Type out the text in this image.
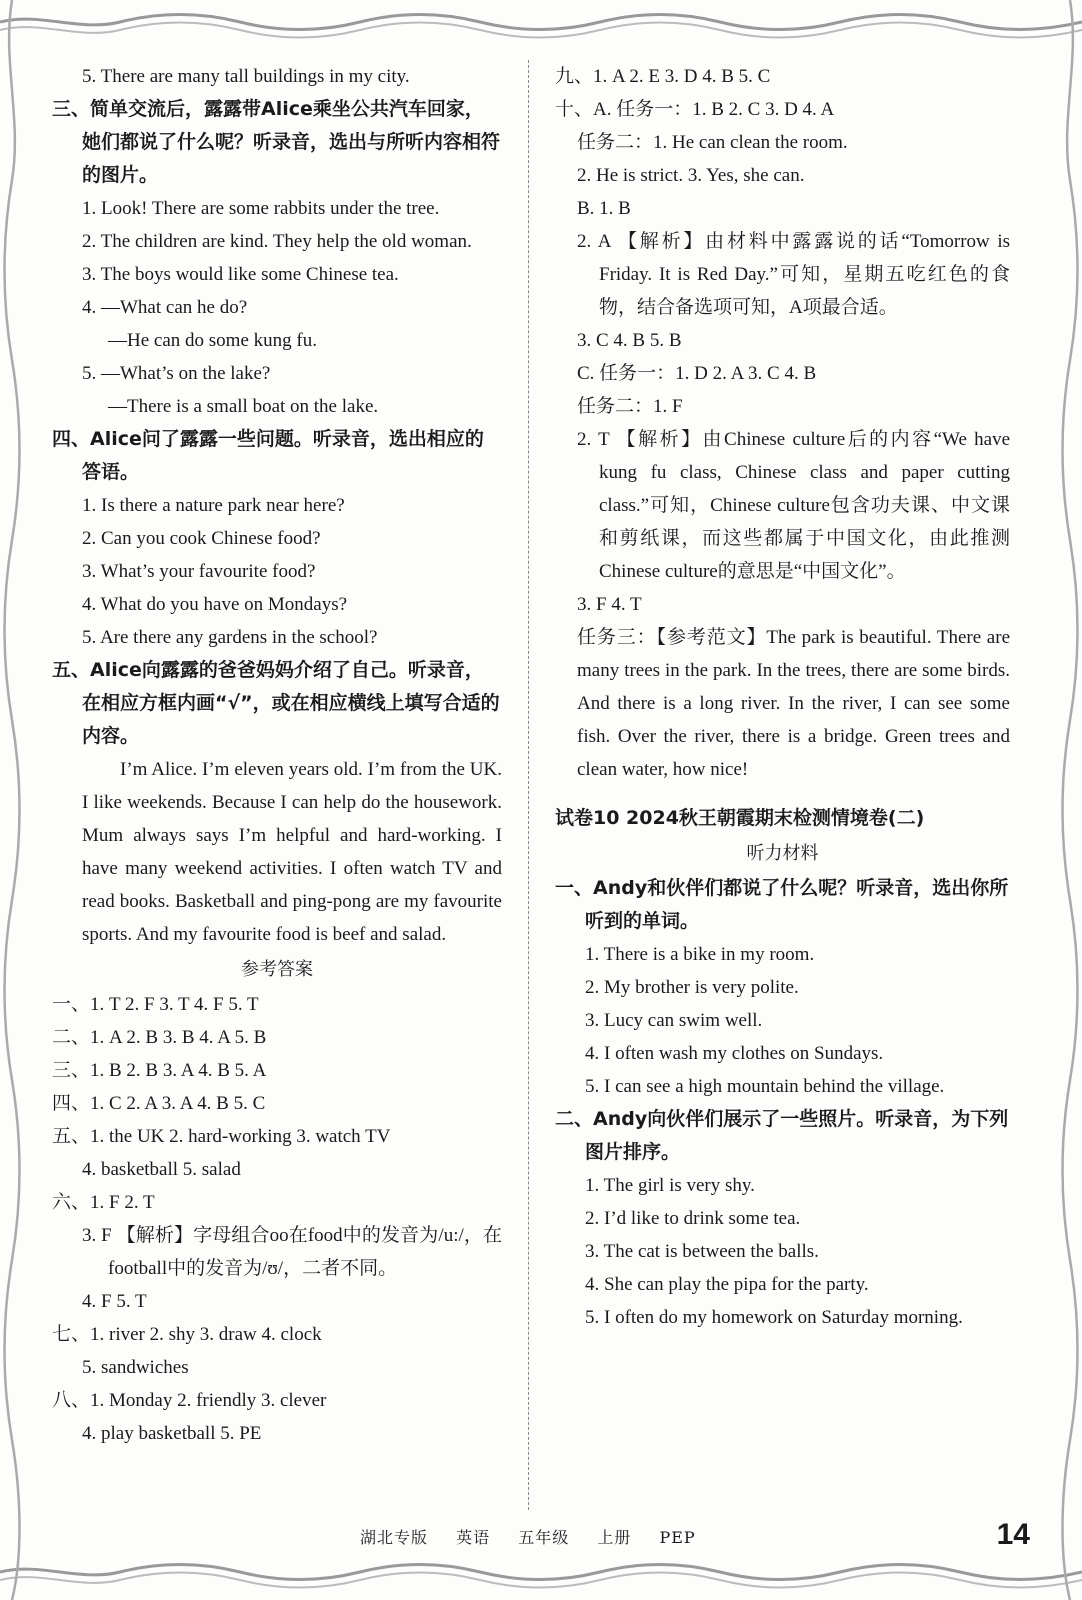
5. There are many tall buildings in my city.
三、简单交流后，露露带Alice乘坐公共汽车回家，她们都说了什么呢？听录音，选出与所听内容相符的图片。
1. Look! There are some rabbits under the tree.
2. The children are kind. They help the old woman.
3. The boys would like some Chinese tea.
4. —What can he do?
—He can do some kung fu.
5. —What’s on the lake?
—There is a small boat on the lake.
四、Alice问了露露一些问题。听录音，选出相应的答语。
1. Is there a nature park near here?
2. Can you cook Chinese food?
3. What’s your favourite food?
4. What do you have on Mondays?
5. Are there any gardens in the school?
五、Alice向露露的爸爸妈妈介绍了自己。听录音，在相应方框内画“√”，或在相应横线上填写合适的内容。
I’m Alice. I’m eleven years old. I’m from the UK. I like weekends. Because I can help do the housework. Mum always says I’m helpful and hard-working. I have many weekend activities. I often watch TV and read books. Basketball and ping-pong are my favourite sports. And my favourite food is beef and salad.
参考答案
一、1. T 2. F 3. T 4. F 5. T
二、1. A 2. B 3. B 4. A 5. B
三、1. B 2. B 3. A 4. B 5. A
四、1. C 2. A 3. A 4. B 5. C
五、1. the UK 2. hard-working 3. watch TV
4. basketball 5. salad
六、1. F 2. T
3. F 【解析】字母组合oo在food中的发音为/u:/，在football中的发音为/ʊ/，二者不同。
4. F 5. T
七、1. river 2. shy 3. draw 4. clock
5. sandwiches
八、1. Monday 2. friendly 3. clever
4. play basketball 5. PE
九、1. A 2. E 3. D 4. B 5. C
十、A. 任务一：1. B 2. C 3. D 4. A
任务二：1. He can clean the room.
2. He is strict. 3. Yes, she can.
B. 1. B
2. A 【解析】由材料中露露说的话“Tomorrow is Friday. It is Red Day.”可知，星期五吃红色的食物，结合备选项可知，A项最合适。
3. C 4. B 5. B
C. 任务一：1. D 2. A 3. C 4. B
任务二：1. F
2. T 【解析】由Chinese culture后的内容“We have kung fu class, Chinese class and paper cutting class.”可知，Chinese culture包含功夫课、中文课和剪纸课，而这些都属于中国文化，由此推测Chinese culture的意思是“中国文化”。
3. F 4. T
任务三：【参考范文】The park is beautiful. There are many trees in the park. In the trees, there are some birds. And there is a long river. In the river, I can see some fish. Over the river, there is a bridge. Green trees and clean water, how nice!
试卷10 2024秋王朝霞期末检测情境卷(二)
听力材料
一、Andy和伙伴们都说了什么呢？听录音，选出你所听到的单词。
1. There is a bike in my room.
2. My brother is very polite.
3. Lucy can swim well.
4. I often wash my clothes on Sundays.
5. I can see a high mountain behind the village.
二、Andy向伙伴们展示了一些照片。听录音，为下列图片排序。
1. The girl is very shy.
2. I’d like to drink some tea.
3. The cat is between the balls.
4. She can play the pipa for the party.
5. I often do my homework on Saturday morning.
湖北专版 英语 五年级 上册 PEP	14
